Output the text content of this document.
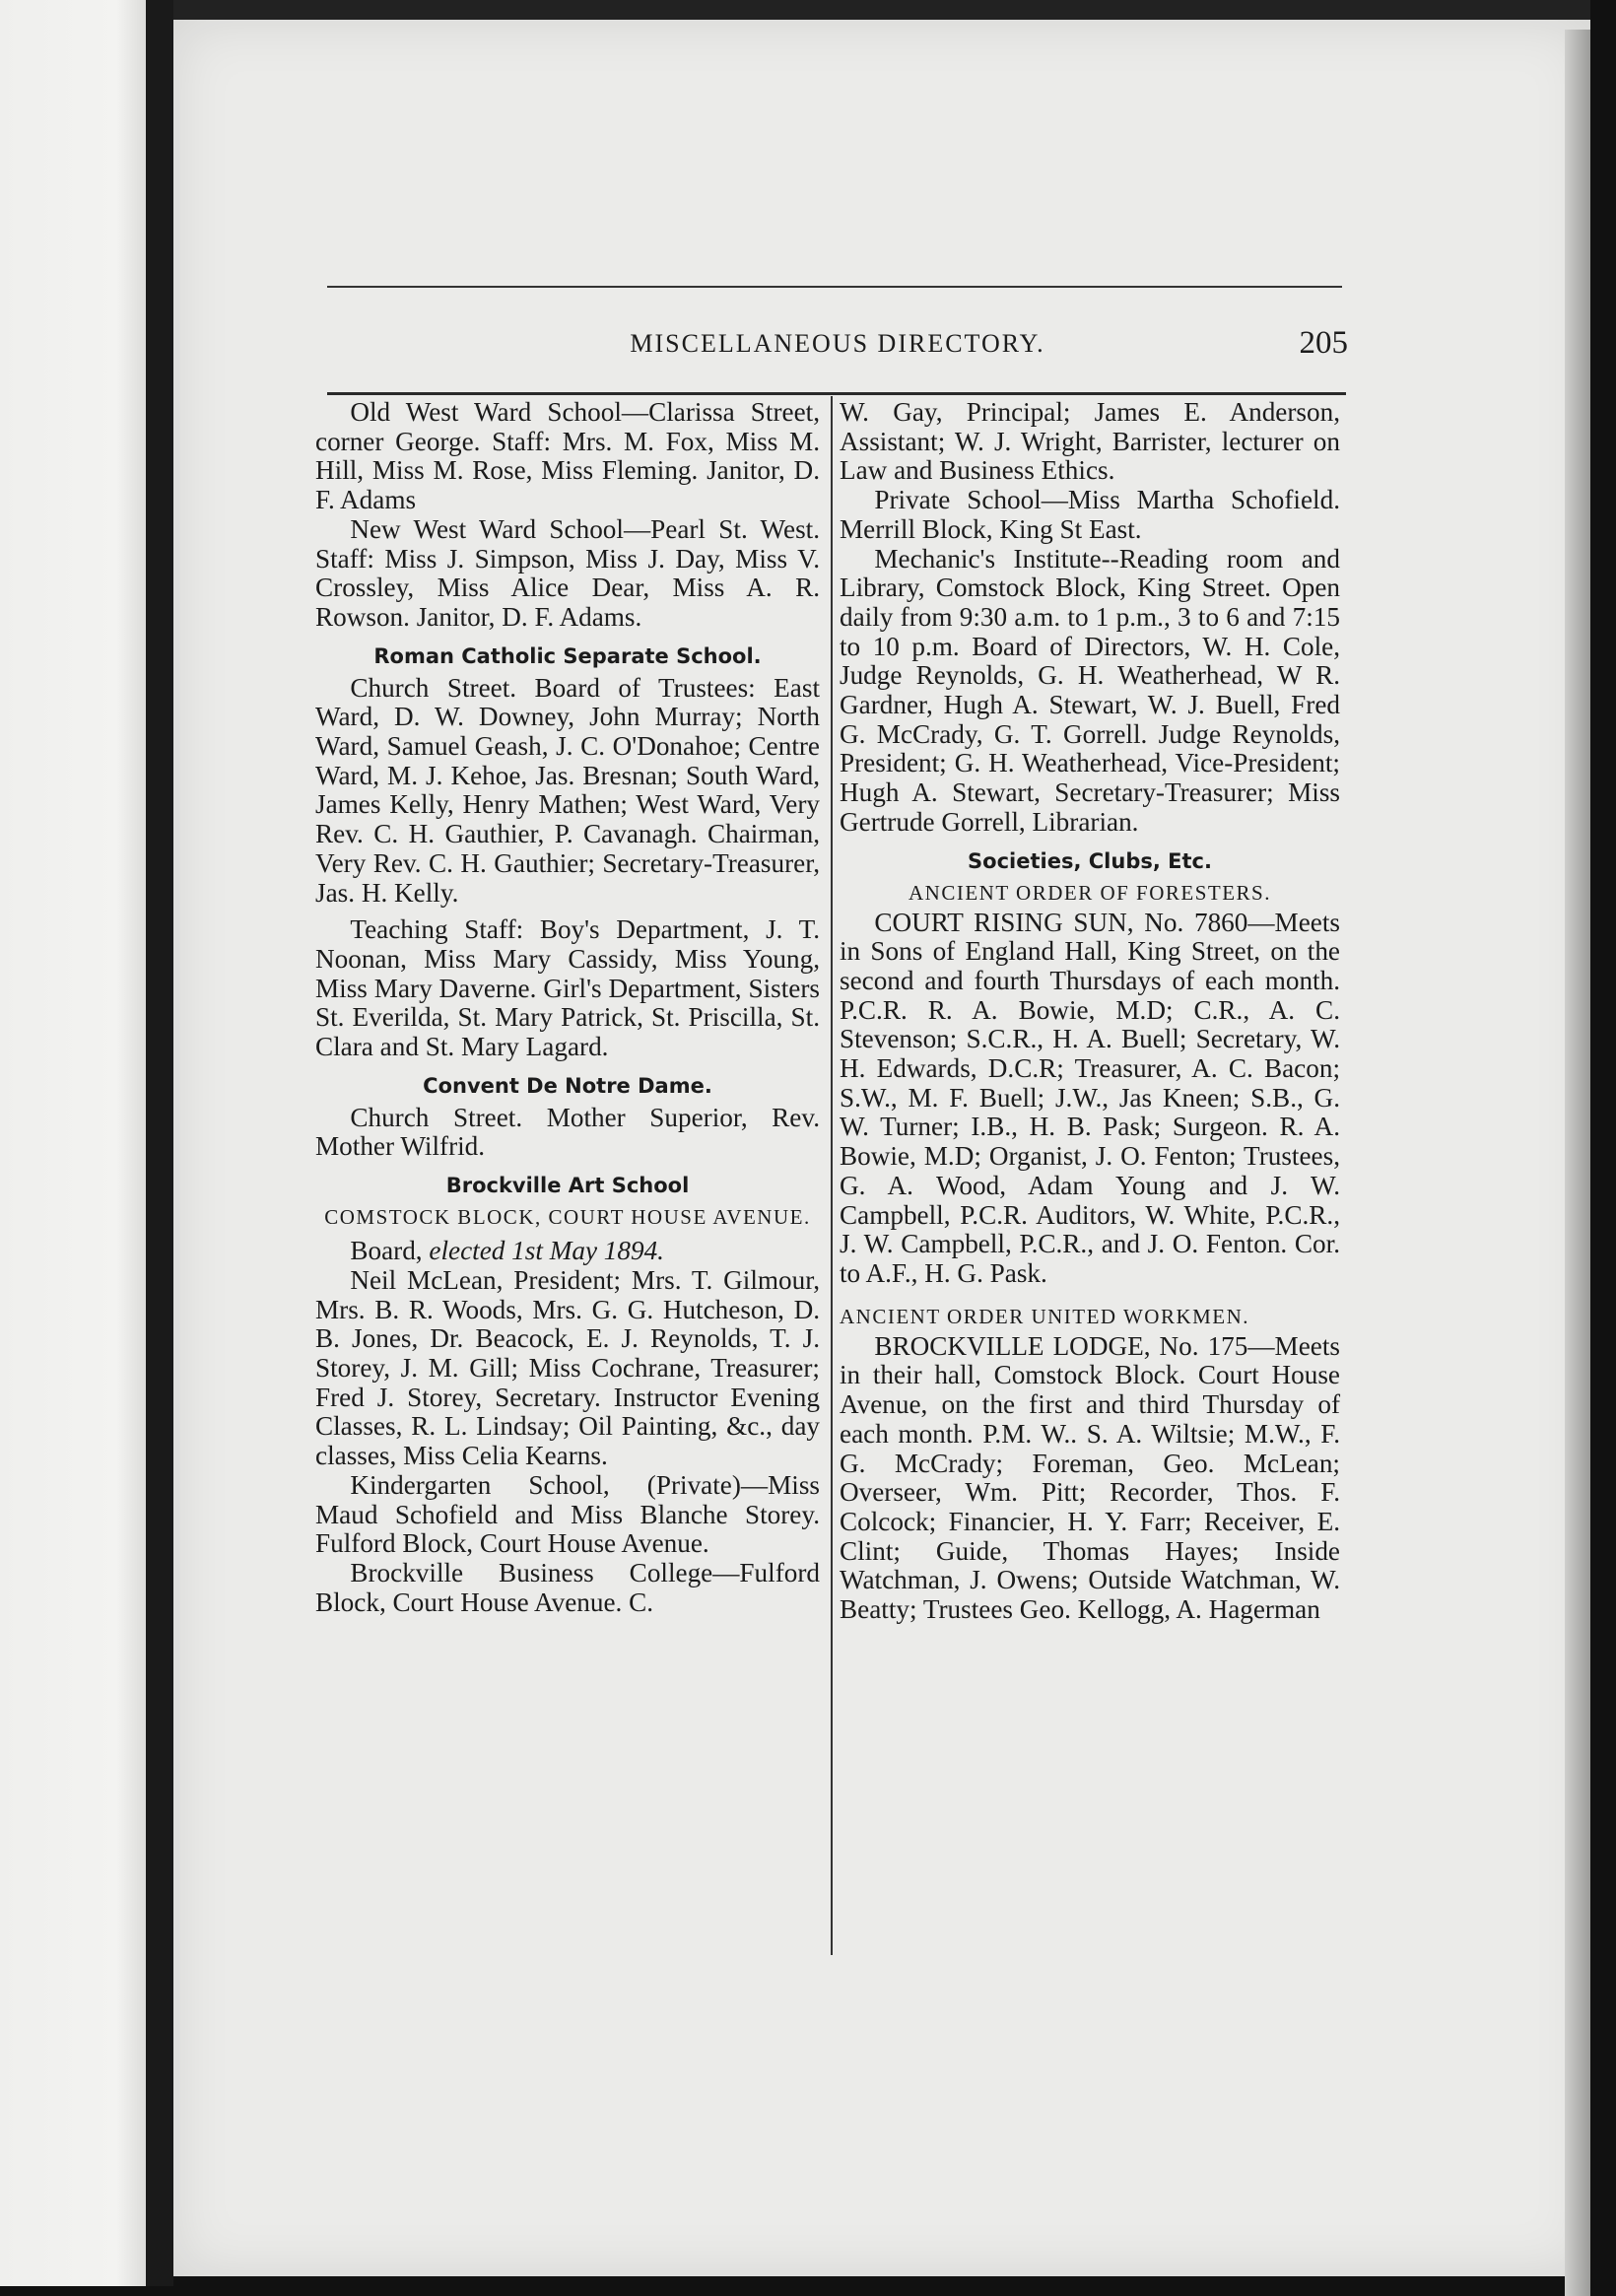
MISCELLANEOUS DIRECTORY.	205

Old West Ward School—Clarissa Street, corner George. Staff: Mrs. M. Fox, Miss M. Hill, Miss M. Rose, Miss Fleming. Janitor, D. F. Adams

New West Ward School—Pearl St. West. Staff: Miss J. Simpson, Miss J. Day, Miss V. Crossley, Miss Alice Dear, Miss A. R. Rowson. Janitor, D. F. Adams.

Roman Catholic Separate School.

Church Street. Board of Trustees: East Ward, D. W. Downey, John Murray; North Ward, Samuel Geash, J. C. O'Donahoe; Centre Ward, M. J. Kehoe, Jas. Bresnan; South Ward, James Kelly, Henry Mathen; West Ward, Very Rev. C. H. Gauthier, P. Cavanagh. Chairman, Very Rev. C. H. Gauthier; Secretary-Treasurer, Jas. H. Kelly.

Teaching Staff: Boy's Department, J. T. Noonan, Miss Mary Cassidy, Miss Young, Miss Mary Daverne. Girl's Department, Sisters St. Everilda, St. Mary Patrick, St. Priscilla, St. Clara and St. Mary Lagard.

Convent De Notre Dame.

Church Street. Mother Superior, Rev. Mother Wilfrid.

Brockville Art School
COMSTOCK BLOCK, COURT HOUSE AVENUE.

Board, elected 1st May 1894.

Neil McLean, President; Mrs. T. Gilmour, Mrs. B. R. Woods, Mrs. G. G. Hutcheson, D. B. Jones, Dr. Beacock, E. J. Reynolds, T. J. Storey, J. M. Gill; Miss Cochrane, Treasurer; Fred J. Storey, Secretary. Instructor Evening Classes, R. L. Lindsay; Oil Painting, &c., day classes, Miss Celia Kearns.

Kindergarten School, (Private)—Miss Maud Schofield and Miss Blanche Storey. Fulford Block, Court House Avenue.

Brockville Business College—Fulford Block, Court House Avenue. C.

W. Gay, Principal; James E. Anderson, Assistant; W. J. Wright, Barrister, lecturer on Law and Business Ethics.

Private School—Miss Martha Schofield. Merrill Block, King St East.

Mechanic's Institute--Reading room and Library, Comstock Block, King Street. Open daily from 9:30 a.m. to 1 p.m., 3 to 6 and 7:15 to 10 p.m. Board of Directors, W. H. Cole, Judge Reynolds, G. H. Weatherhead, W R. Gardner, Hugh A. Stewart, W. J. Buell, Fred G. McCrady, G. T. Gorrell. Judge Reynolds, President; G. H. Weatherhead, Vice-President; Hugh A. Stewart, Secretary-Treasurer; Miss Gertrude Gorrell, Librarian.

Societies, Clubs, Etc.
ANCIENT ORDER OF FORESTERS.

COURT RISING SUN, No. 7860—Meets in Sons of England Hall, King Street, on the second and fourth Thursdays of each month. P.C.R. R. A. Bowie, M.D; C.R., A. C. Stevenson; S.C.R., H. A. Buell; Secretary, W. H. Edwards, D.C.R; Treasurer, A. C. Bacon; S.W., M. F. Buell; J.W., Jas Kneen; S.B., G. W. Turner; I.B., H. B. Pask; Surgeon. R. A. Bowie, M.D; Organist, J. O. Fenton; Trustees, G. A. Wood, Adam Young and J. W. Campbell, P.C.R. Auditors, W. White, P.C.R., J. W. Campbell, P.C.R., and J. O. Fenton. Cor. to A.F., H. G. Pask.

ANCIENT ORDER UNITED WORKMEN.

BROCKVILLE LODGE, No. 175—Meets in their hall, Comstock Block. Court House Avenue, on the first and third Thursday of each month. P.M. W.. S. A. Wiltsie; M.W., F. G. McCrady; Foreman, Geo. McLean; Overseer, Wm. Pitt; Recorder, Thos. F. Colcock; Financier, H. Y. Farr; Receiver, E. Clint; Guide, Thomas Hayes; Inside Watchman, J. Owens; Outside Watchman, W. Beatty; Trustees Geo. Kellogg, A. Hagerman
